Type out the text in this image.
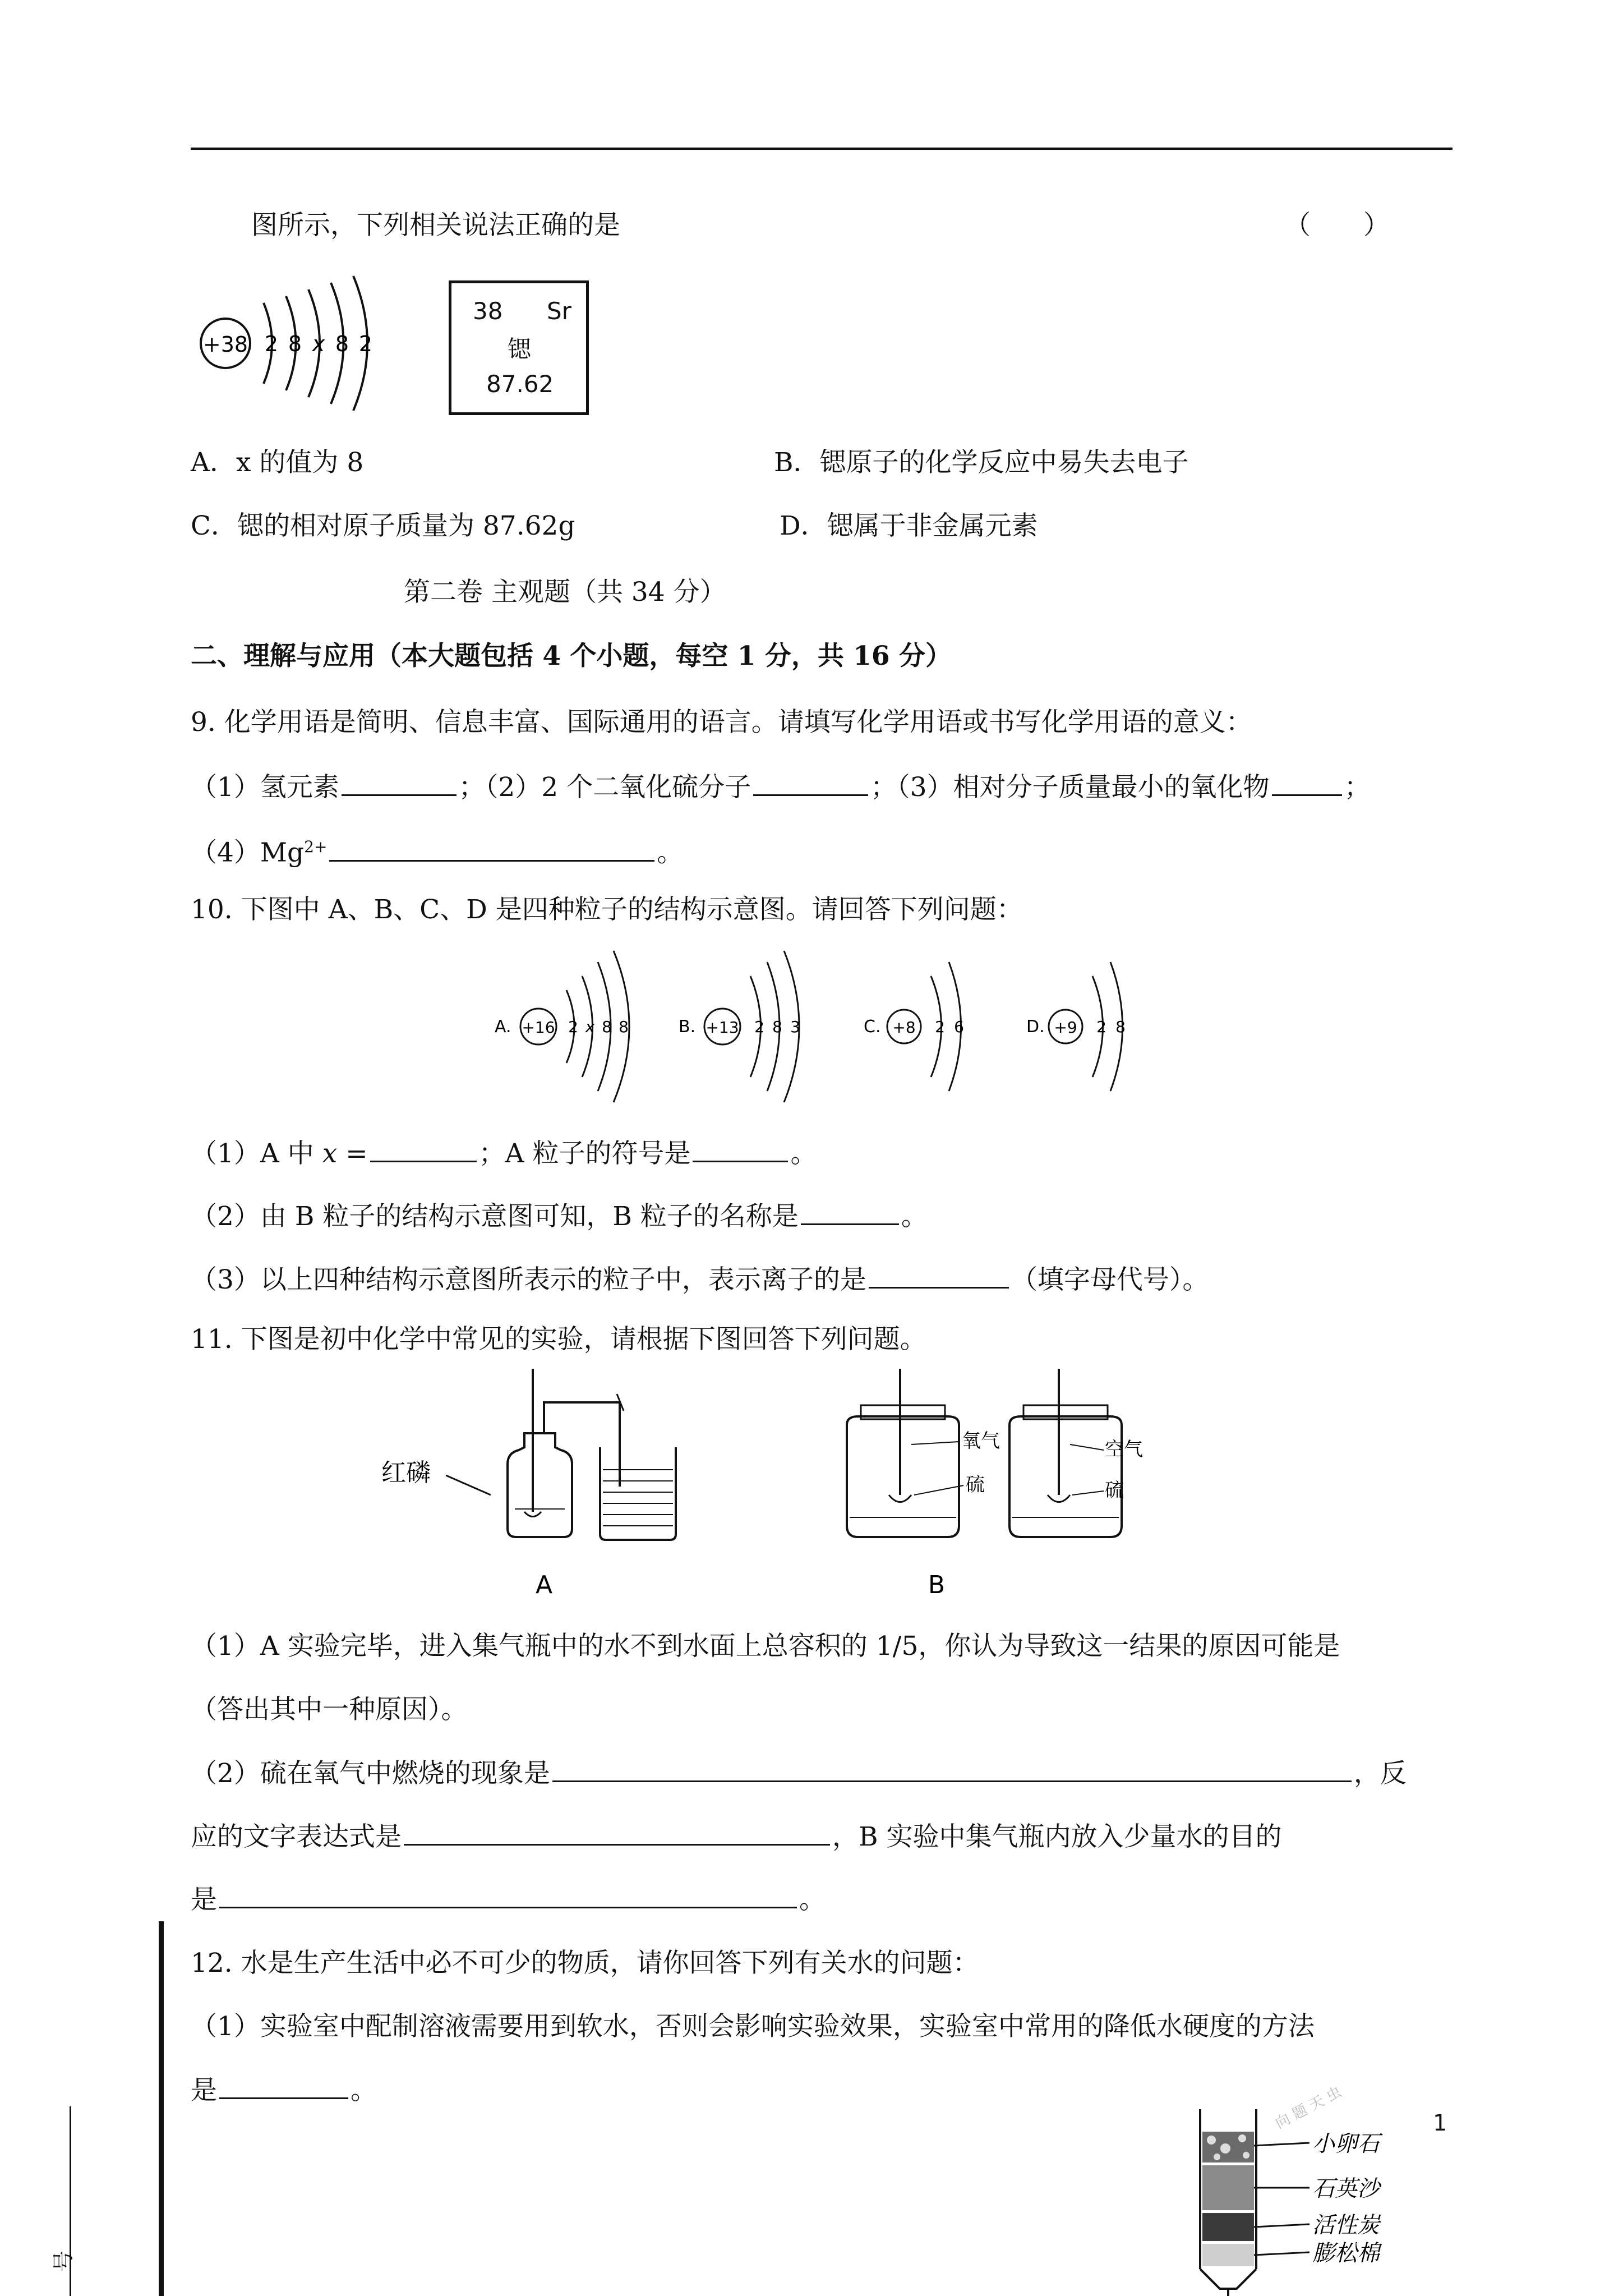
图所示，下列相关说法正确的是	（　　）
+38 2 8 x 8 2
38 Sr
锶
87.62
A．x 的值为 8	B．锶原子的化学反应中易失去电子
C．锶的相对原子质量为 87.62g	D．锶属于非金属元素
第二卷 主观题（共 34 分）
二、理解与应用（本大题包括 4 个小题，每空 1 分，共 16 分）
9. 化学用语是简明、信息丰富、国际通用的语言。请填写化学用语或书写化学用语的意义：
（1）氢元素	；（2）2 个二氧化硫分子	；（3）相对分子质量最小的氧化物	；
$(4)Mg^{2+}$	。
10. 下图中 A、B、C、D 是四种粒子的结构示意图。请回答下列问题：
A. +16 2 x 8 8	B. +13 2 8 3	C. +8 2 6	D. +9 2 8
（1）A 中 x =	；A 粒子的符号是	。
（2）由 B 粒子的结构示意图可知，B 粒子的名称是	。
（3）以上四种结构示意图所表示的粒子中，表示离子的是	（填字母代号）。
11. 下图是初中化学中常见的实验，请根据下图回答下列问题。
红磷
A
氧气
硫
空气
硫
B
（1）A 实验完毕，进入集气瓶中的水不到水面上总容积的 1/5，你认为导致这一结果的原因可能是
（答出其中一种原因）。
（2）硫在氧气中燃烧的现象是	，反
应的文字表达式是	，B 实验中集气瓶内放入少量水的目的
是	。
12. 水是生产生活中必不可少的物质，请你回答下列有关水的问题：
（1）实验室中配制溶液需要用到软水，否则会影响实验效果，实验室中常用的降低水硬度的方法
是	。
小卵石
石英沙
活性炭
膨松棉
向 题 天 虫	1
号
